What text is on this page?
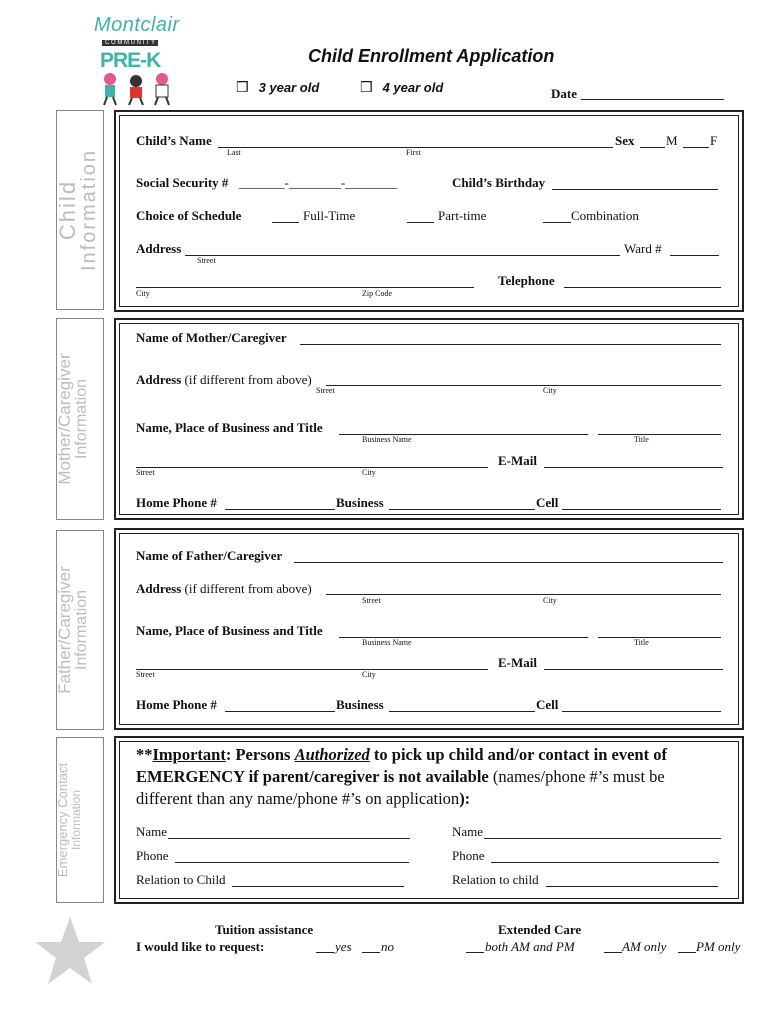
Montclair
C O M M U N I T Y
PRE-K	Child Enrollment Application
❒ 3 year old	❒ 4 year old	Date
Child
Information
Mother/Caregiver
Information
Father/Caregiver
Information
Emergency Contact
Information
Child’s Name
Last	First
Sex M F
Social Security # _______-________-________	Child’s Birthday
Choice of Schedule	Full-Time	Part-time	Combination
Address
Street
Ward #
City	Zip Code
Telephone
Name of Mother/Caregiver
Address (if different from above)
Street	City
Name, Place of Business and Title
Business Name	Title
Street	City
E-Mail
Home Phone #	Business	Cell
Name of Father/Caregiver
Address (if different from above)
Street	City
Name, Place of Business and Title
Business Name	Title
Street	City
E-Mail
Home Phone #	Business	Cell
**Important: Persons Authorized to pick up child and/or contact in event of
EMERGENCY if parent/caregiver is not available (names/phone #’s must be
different than any name/phone #’s on application):
Name	Name
Phone	Phone
Relation to Child	Relation to child
Tuition assistance
I would like to request:	yes no
Extended Care
both AM and PM	AM only PM only
